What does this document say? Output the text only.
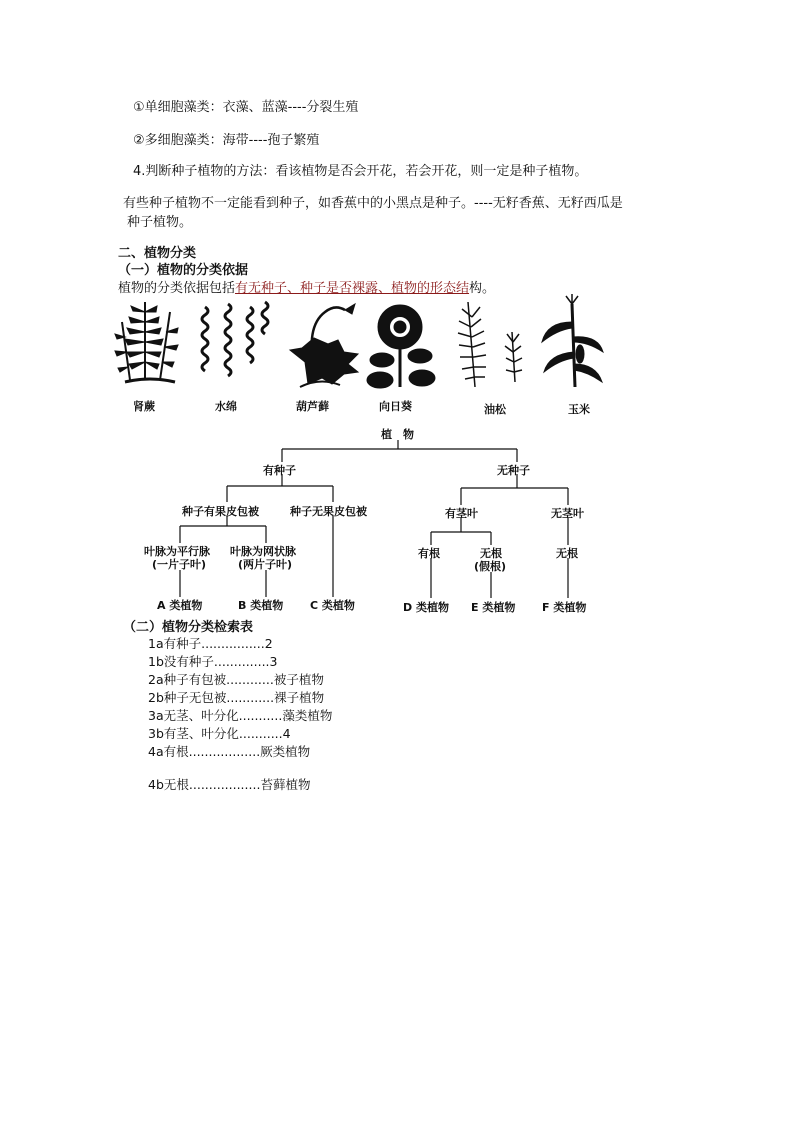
①单细胞藻类：衣藻、蓝藻----分裂生殖
②多细胞藻类：海带----孢子繁殖
4.判断种子植物的方法：看该植物是否会开花，若会开花，则一定是种子植物。
有些种子植物不一定能看到种子，如香蕉中的小黑点是种子。----无籽香蕉、无籽西瓜是
种子植物。
二、植物分类
（一）植物的分类依据
植物的分类依据包括有无种子、种子是否裸露、植物的形态结构。
肾蕨	水绵	葫芦藓	向日葵	油松	玉米
植　物
有种子	无种子
种子有果皮包被	种子无果皮包被
叶脉为平行脉
(一片子叶)
叶脉为网状脉
(两片子叶)
有茎叶	无茎叶
有根	无根
(假根)
无根
A 类植物	B 类植物 C 类植物	D 类植物 E 类植物 F 类植物
（二）植物分类检索表
1a有种子................2
1b没有种子..............3
2a种子有包被............被子植物
2b种子无包被............裸子植物
3a无茎、叶分化...........藻类植物
3b有茎、叶分化...........4
4a有根..................厥类植物
4b无根..................苔藓植物
